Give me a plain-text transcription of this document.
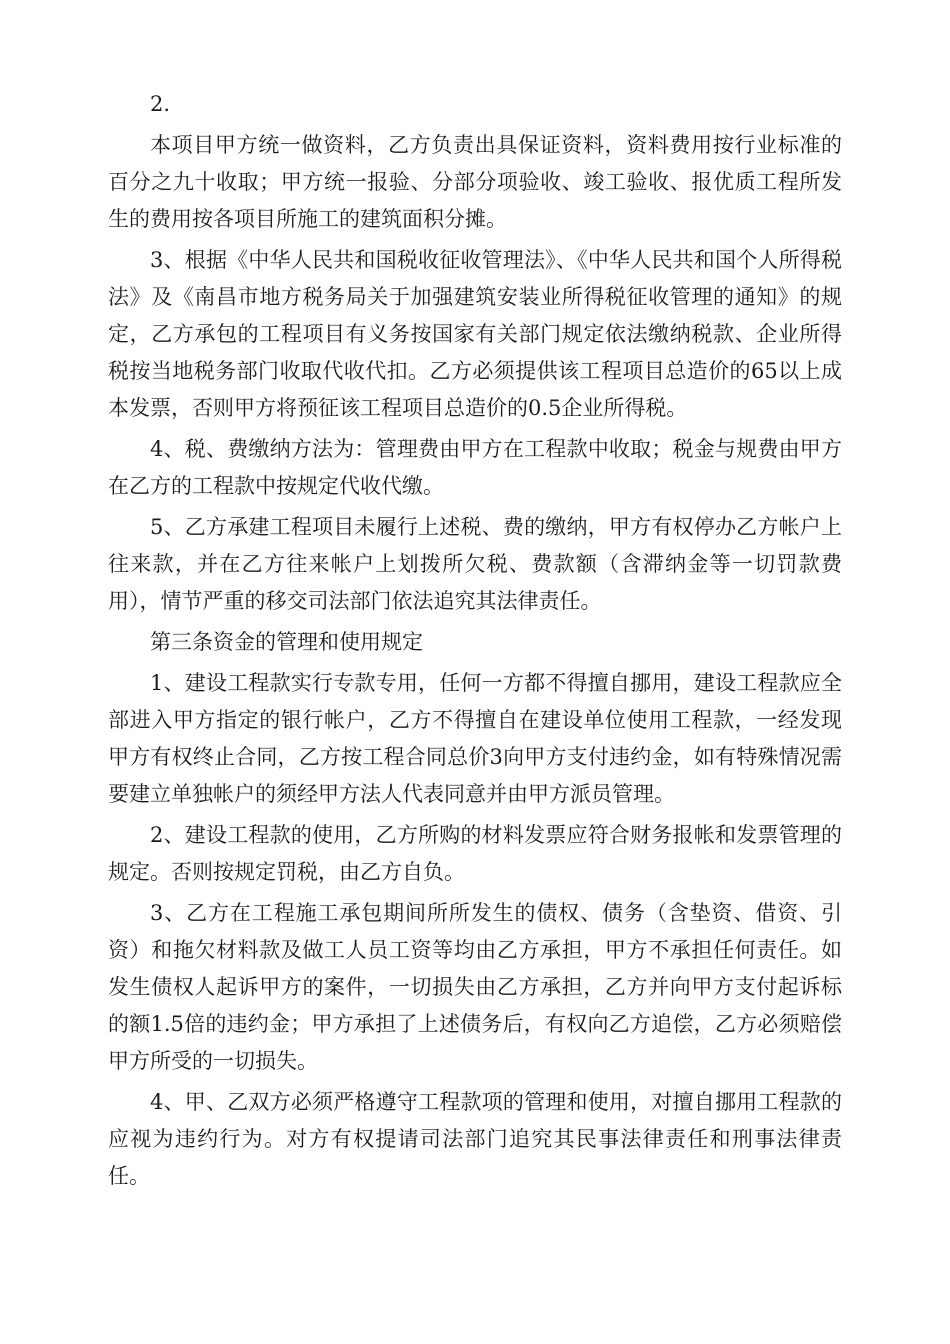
2.

本项目甲方统一做资料，乙方负责出具保证资料，资料费用按行业标准的百分之九十收取；甲方统一报验、分部分项验收、竣工验收、报优质工程所发生的费用按各项目所施工的建筑面积分摊。

3、根据《中华人民共和国税收征收管理法》、《中华人民共和国个人所得税法》及《南昌市地方税务局关于加强建筑安装业所得税征收管理的通知》的规定，乙方承包的工程项目有义务按国家有关部门规定依法缴纳税款、企业所得税按当地税务部门收取代收代扣。乙方必须提供该工程项目总造价的65以上成本发票，否则甲方将预征该工程项目总造价的0.5企业所得税。

4、税、费缴纳方法为：管理费由甲方在工程款中收取；税金与规费由甲方在乙方的工程款中按规定代收代缴。

5、乙方承建工程项目未履行上述税、费的缴纳，甲方有权停办乙方帐户上往来款，并在乙方往来帐户上划拨所欠税、费款额（含滞纳金等一切罚款费用），情节严重的移交司法部门依法追究其法律责任。

第三条资金的管理和使用规定

1、建设工程款实行专款专用，任何一方都不得擅自挪用，建设工程款应全部进入甲方指定的银行帐户，乙方不得擅自在建设单位使用工程款，一经发现甲方有权终止合同，乙方按工程合同总价3向甲方支付违约金，如有特殊情况需要建立单独帐户的须经甲方法人代表同意并由甲方派员管理。

2、建设工程款的使用，乙方所购的材料发票应符合财务报帐和发票管理的规定。否则按规定罚税，由乙方自负。

3、乙方在工程施工承包期间所所发生的债权、债务（含垫资、借资、引资）和拖欠材料款及做工人员工资等均由乙方承担，甲方不承担任何责任。如发生债权人起诉甲方的案件，一切损失由乙方承担，乙方并向甲方支付起诉标的额1.5倍的违约金；甲方承担了上述债务后，有权向乙方追偿，乙方必须赔偿甲方所受的一切损失。

4、甲、乙双方必须严格遵守工程款项的管理和使用，对擅自挪用工程款的应视为违约行为。对方有权提请司法部门追究其民事法律责任和刑事法律责任。
